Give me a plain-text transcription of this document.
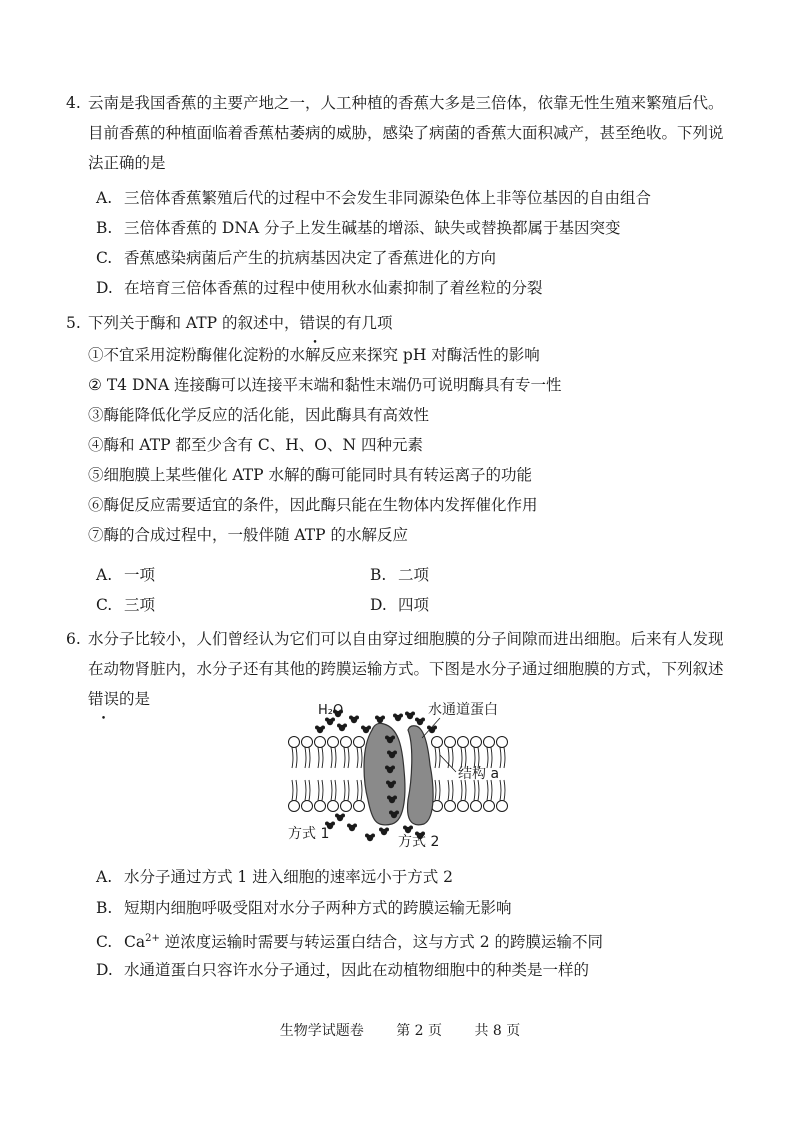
4. 云南是我国香蕉的主要产地之一，人工种植的香蕉大多是三倍体，依靠无性生殖来繁殖后代。
目前香蕉的种植面临着香蕉枯萎病的威胁，感染了病菌的香蕉大面积减产，甚至绝收。下列说
法正确的是
A. 三倍体香蕉繁殖后代的过程中不会发生非同源染色体上非等位基因的自由组合
B. 三倍体香蕉的 DNA 分子上发生碱基的增添、缺失或替换都属于基因突变
C. 香蕉感染病菌后产生的抗病基因决定了香蕉进化的方向
D. 在培育三倍体香蕉的过程中使用秋水仙素抑制了着丝粒的分裂
5. 下列关于酶和 ATP 的叙述中，错误的有几项
①不宜采用淀粉酶催化淀粉的水解反应来探究 pH 对酶活性的影响
② T4 DNA 连接酶可以连接平末端和黏性末端仍可说明酶具有专一性
③酶能降低化学反应的活化能，因此酶具有高效性
④酶和 ATP 都至少含有 C、H、O、N 四种元素
⑤细胞膜上某些催化 ATP 水解的酶可能同时具有转运离子的功能
⑥酶促反应需要适宜的条件，因此酶只能在生物体内发挥催化作用
⑦酶的合成过程中，一般伴随 ATP 的水解反应
A. 一项	B. 二项
C. 三项	D. 四项
6. 水分子比较小，人们曾经认为它们可以自由穿过细胞膜的分子间隙而进出细胞。后来有人发现
在动物肾脏内，水分子还有其他的跨膜运输方式。下图是水分子通过细胞膜的方式，下列叙述
错误的是
H₂O	水通道蛋白
结构 a
方式 1	方式 2
A. 水分子通过方式 1 进入细胞的速率远小于方式 2
B. 短期内细胞呼吸受阻对水分子两种方式的跨膜运输无影响
C. $Ca^{2+}$ 逆浓度运输时需要与转运蛋白结合，这与方式 2 的跨膜运输不同
D. 水通道蛋白只容许水分子通过，因此在动植物细胞中的种类是一样的
生物学试题卷 第 2 页 共 8 页
